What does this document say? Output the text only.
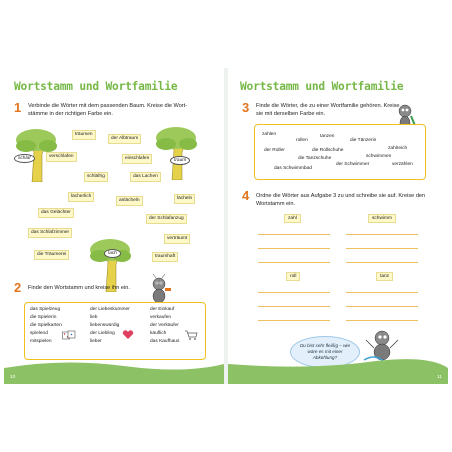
Wortstamm und Wortfamilie
1 Verbinde die Wörter mit dem passenden Baum. Kreise die Wortstämme in der richtigen Farbe ein.
schlaf	traum
lach
träumen
der Albtraum
verschlafen	einschlafen
schläfrig	das Lachen
lächerlich
anlächeln	lächeln
das Gelächter
der Schlafanzug
das Schlafzimmer
verträumt
die Träumerei	traumhaft
2 Finde den Wortstamm und kreise ihn ein.
das Spielzeug
die Spielerin
die Spielkarten
spielend
mitspielen
der Liebeskummer
lieb
liebenswürdig
der Liebling
lieber
der Einkauf
verkaufen
der Verkäufer
käuflich
das Kaufhaus
10
Wortstamm und Wortfamilie
3 Finde die Wörter, die zu einer Wortfamilie gehören. Kreise sie mit derselben Farbe ein.
zahlen	tanzen
rollen	die Tänzerin
der Roller	die Rollschuhe	zahlreich
die Tanzschuhe	schwimmen
der Schwimmer	verzählen
das Schwimmbad
4 Ordne die Wörter aus Aufgabe 3 zu und schreibe sie auf. Kreise den Wortstamm ein.
zahl	schwimm
roll	tanz
Du bist sehr fleißig – wie wäre es mit einer Abkühlung?
11
